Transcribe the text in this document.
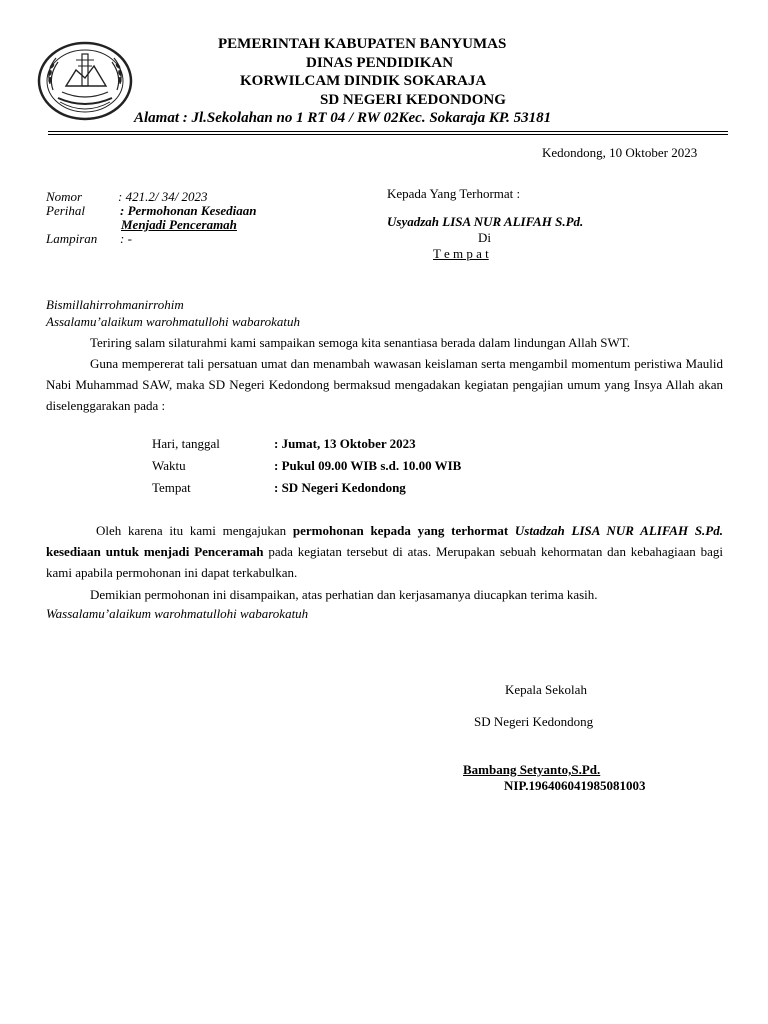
PEMERINTAH KABUPATEN BANYUMAS
DINAS PENDIDIKAN
KORWILCAM DINDIK SOKARAJA
SD NEGERI KEDONDONG
Alamat : Jl.Sekolahan no 1 RT 04 / RW 02Kec. Sokaraja KP. 53181
Kedondong, 10 Oktober 2023
Nomor	: 421.2/ 34/ 2023
Perihal	: Permohonan Kesediaan
Menjadi Penceramah
Lampiran : -
Kepada Yang Terhormat :
Usyadzah LISA NUR ALIFAH S.Pd.
Di
T e m p a t
Bismillahirrohmanirrohim
Assalamu’alaikum warohmatullohi wabarokatuh
Teriring salam silaturahmi kami sampaikan semoga kita senantiasa berada dalam lindungan Allah SWT.
Guna mempererat tali persatuan umat dan menambah wawasan keislaman serta mengambil momentum peristiwa Maulid Nabi Muhammad SAW, maka SD Negeri Kedondong bermaksud mengadakan kegiatan pengajian umum yang Insya Allah akan diselenggarakan pada :
Hari, tanggal	: Jumat, 13 Oktober 2023
Waktu	: Pukul 09.00 WIB s.d. 10.00 WIB
Tempat	: SD Negeri Kedondong
Oleh karena itu kami mengajukan permohonan kepada yang terhormat Ustadzah LISA NUR ALIFAH S.Pd. kesediaan untuk menjadi Penceramah pada kegiatan tersebut di atas. Merupakan sebuah kehormatan dan kebahagiaan bagi kami apabila permohonan ini dapat terkabulkan.
Demikian permohonan ini disampaikan, atas perhatian dan kerjasamanya diucapkan terima kasih.
Wassalamu’alaikum warohmatullohi wabarokatuh
Kepala Sekolah
SD Negeri Kedondong
Bambang Setyanto,S.Pd.
NIP.196406041985081003
